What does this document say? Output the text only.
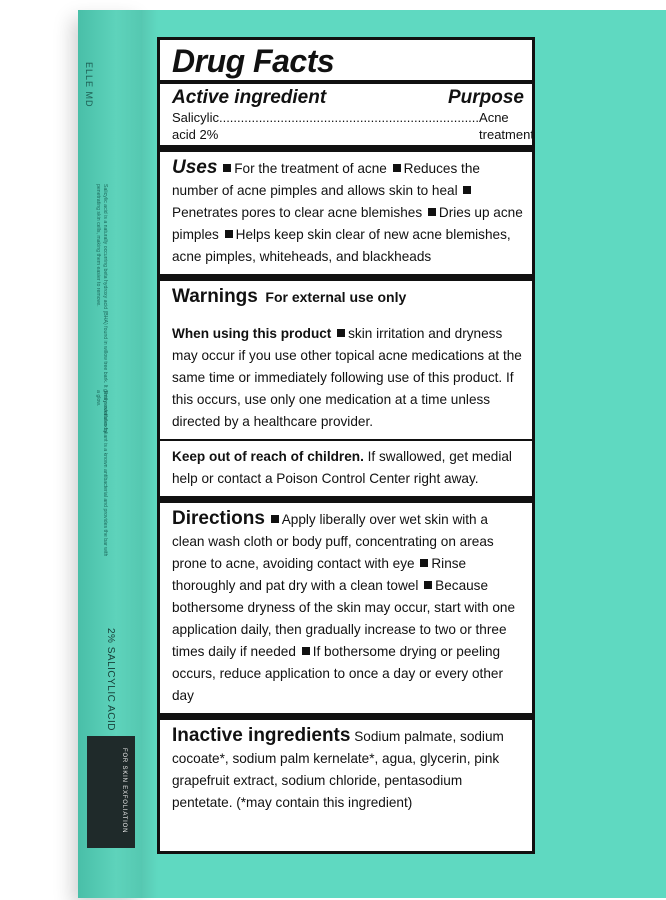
ELLE MD
Salicylic acid is a naturally occurring beta hydroxy acid (BHA) found in willow tree bark. It gently exfoliates by penetrating skin cells, making them easier to remove.
This powerful exfoliant is a known antibacterial and provides the bar with a glow.
2% SALICYLIC ACID
FOR SKIN EXFOLIATION
Drug Facts
Active ingredient	Purpose
Salicylic acid 2%
........................................................................ Acne treatment
Uses For the treatment of acne Reduces the number of acne pimples and allows skin to heal Penetrates pores to clear acne blemishes Dries up acne pimples Helps keep skin clear of new acne blemishes, acne pimples, whiteheads, and blackheads
Warnings For external use only
When using this product skin irritation and dryness may occur if you use other topical acne medications at the same time or immediately following use of this product. If this occurs, use only one medication at a time unless directed by a healthcare provider.
Keep out of reach of children. If swallowed, get medial help or contact a Poison Control Center right away.
Directions Apply liberally over wet skin with a clean wash cloth or body puff, concentrating on areas prone to acne, avoiding contact with eye Rinse thoroughly and pat dry with a clean towel Because bothersome dryness of the skin may occur, start with one application daily, then gradually increase to two or three times daily if needed If bothersome drying or peeling occurs, reduce application to once a day or every other day
Inactive ingredients Sodium palmate, sodium cocoate*, sodium palm kernelate*, agua, glycerin, pink grapefruit extract, sodium chloride, pentasodium pentetate. (*may contain this ingredient)
